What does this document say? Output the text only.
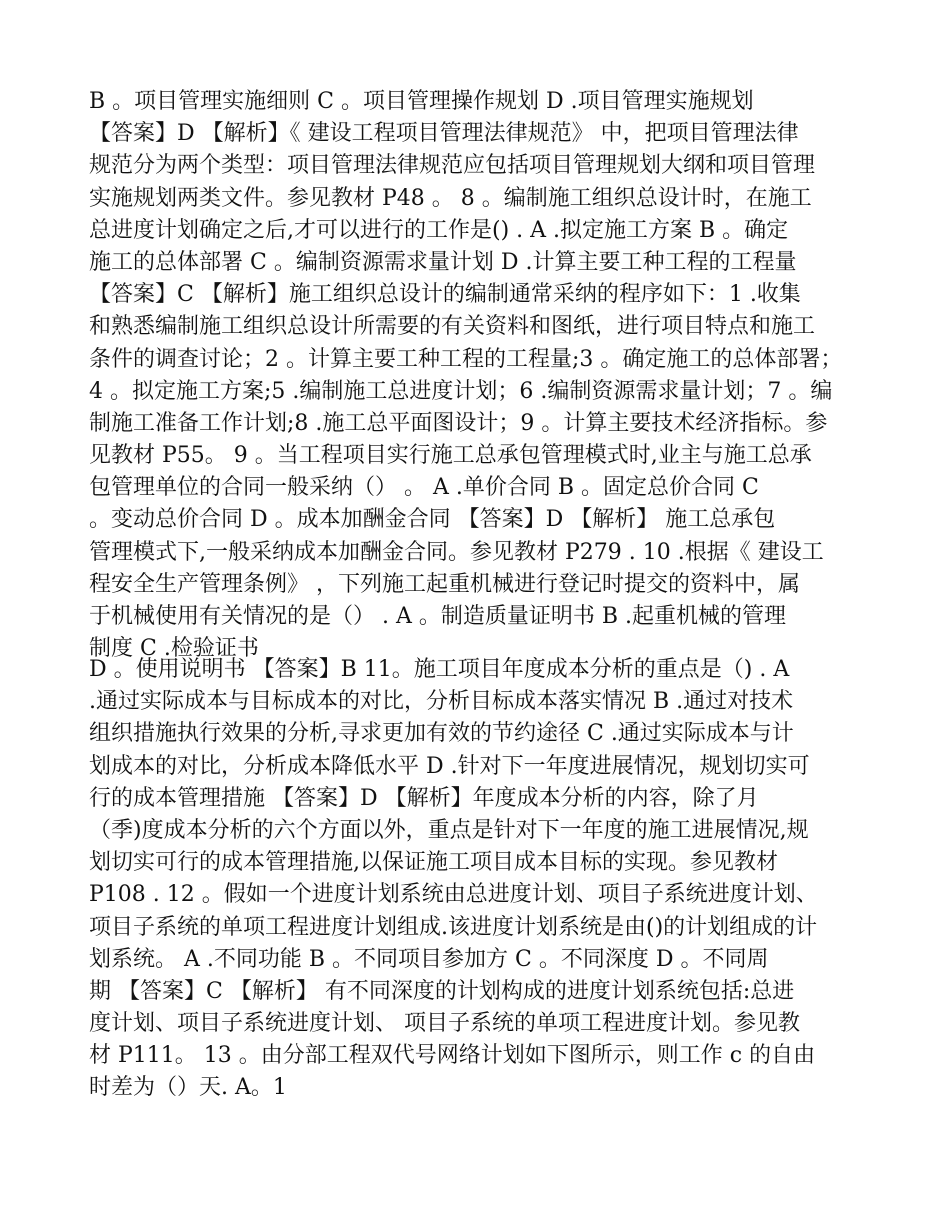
B 。项目管理实施细则 C 。项目管理操作规划 D .项目管理实施规划
【答案】D 【解析】《 建设工程项目管理法律规范》 中，把项目管理法律
规范分为两个类型：项目管理法律规范应包括项目管理规划大纲和项目管理
实施规划两类文件。参见教材 P48 。 8 。编制施工组织总设计时，在施工
总进度计划确定之后,才可以进行的工作是() . A .拟定施工方案 B 。确定
施工的总体部署 C 。编制资源需求量计划 D .计算主要工种工程的工程量
【答案】C 【解析】施工组织总设计的编制通常采纳的程序如下：1 .收集
和熟悉编制施工组织总设计所需要的有关资料和图纸，进行项目特点和施工
条件的调查讨论；2 。计算主要工种工程的工程量;3 。确定施工的总体部署；
4 。拟定施工方案;5 .编制施工总进度计划；6 .编制资源需求量计划；7 。编
制施工准备工作计划;8 .施工总平面图设计；9 。计算主要技术经济指标。参
见教材 P55。 9 。当工程项目实行施工总承包管理模式时,业主与施工总承
包管理单位的合同一般采纳（） 。 A .单价合同 B 。固定总价合同 C
。变动总价合同 D 。成本加酬金合同 【答案】D 【解析】 施工总承包
管理模式下,一般采纳成本加酬金合同。参见教材 P279 . 10 .根据《 建设工
程安全生产管理条例》 ，下列施工起重机械进行登记时提交的资料中，属
于机械使用有关情况的是（） . A 。制造质量证明书 B .起重机械的管理
制度 C .检验证书
D 。使用说明书 【答案】B 11。施工项目年度成本分析的重点是（) . A
.通过实际成本与目标成本的对比，分析目标成本落实情况 B .通过对技术
组织措施执行效果的分析,寻求更加有效的节约途径 C .通过实际成本与计
划成本的对比，分析成本降低水平 D .针对下一年度进展情况，规划切实可
行的成本管理措施 【答案】D 【解析】年度成本分析的内容，除了月
（季)度成本分析的六个方面以外，重点是针对下一年度的施工进展情况,规
划切实可行的成本管理措施,以保证施工项目成本目标的实现。参见教材
P108 . 12 。假如一个进度计划系统由总进度计划、项目子系统进度计划、
项目子系统的单项工程进度计划组成.该进度计划系统是由()的计划组成的计
划系统。 A .不同功能 B 。不同项目参加方 C 。不同深度 D 。不同周
期 【答案】C 【解析】 有不同深度的计划构成的进度计划系统包括:总进
度计划、项目子系统进度计划、 项目子系统的单项工程进度计划。参见教
材 P111。 13 。由分部工程双代号网络计划如下图所示，则工作 c 的自由
时差为（）天. A。1
